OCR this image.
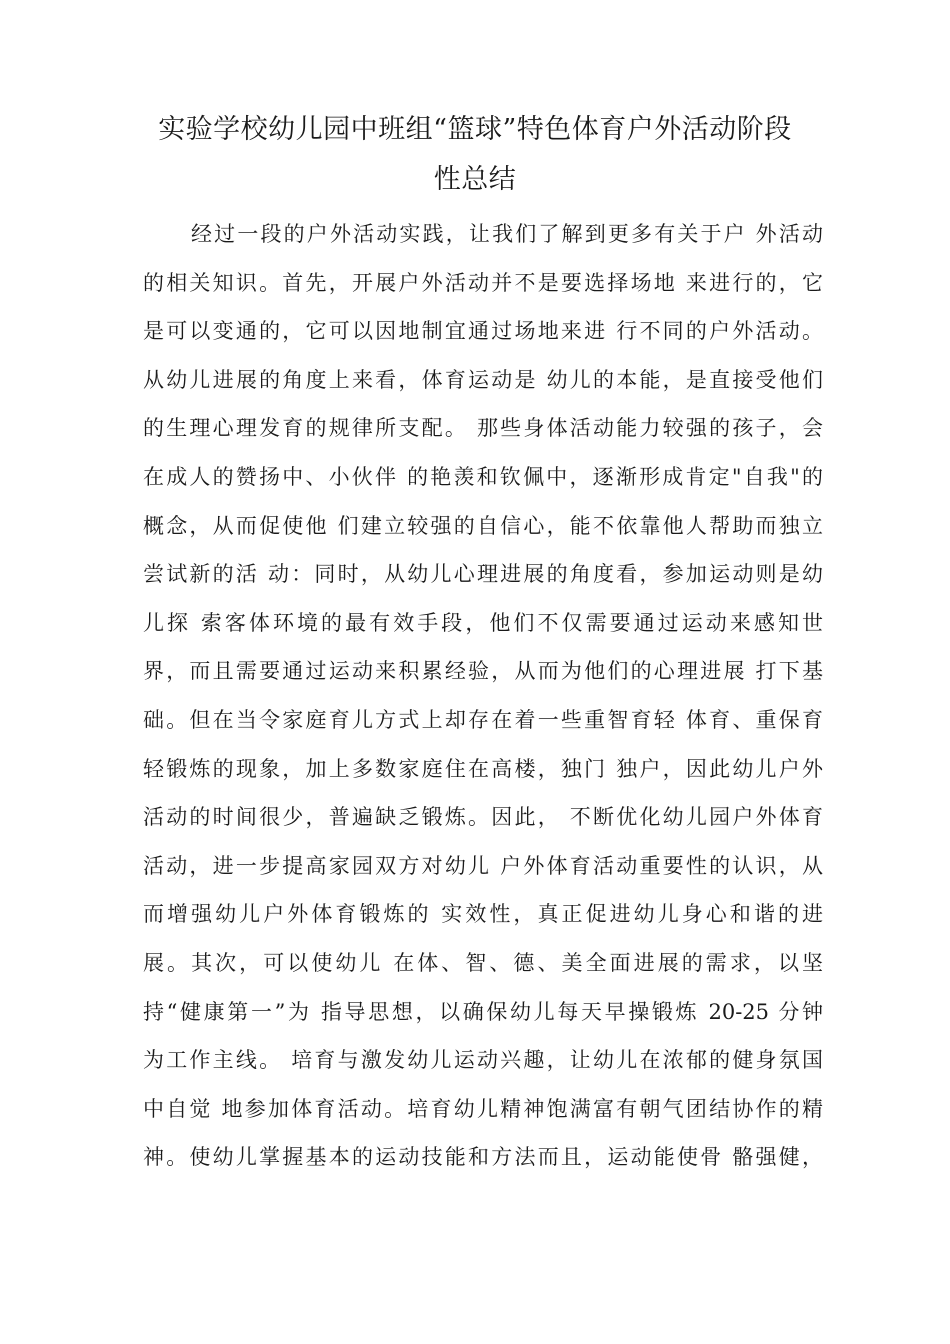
实验学校幼儿园中班组“篮球”特色体育户外活动阶段
性总结
经过一段的户外活动实践，让我们了解到更多有关于户 外活动
的相关知识。首先，开展户外活动并不是要选择场地 来进行的，它
是可以变通的，它可以因地制宜通过场地来进 行不同的户外活动。
从幼儿进展的角度上来看，体育运动是 幼儿的本能，是直接受他们
的生理心理发育的规律所支配。 那些身体活动能力较强的孩子，会
在成人的赞扬中、小伙伴 的艳羡和钦佩中，逐渐形成肯定"自我"的
概念，从而促使他 们建立较强的自信心，能不依靠他人帮助而独立
尝试新的活 动：同时，从幼儿心理进展的角度看，参加运动则是幼
儿探 索客体环境的最有效手段，他们不仅需要通过运动来感知世
界，而且需要通过运动来积累经验，从而为他们的心理进展 打下基
础。但在当令家庭育儿方式上却存在着一些重智育轻 体育、重保育
轻锻炼的现象，加上多数家庭住在高楼，独门 独户，因此幼儿户外
活动的时间很少，普遍缺乏锻炼。因此， 不断优化幼儿园户外体育
活动，进一步提高家园双方对幼儿 户外体育活动重要性的认识，从
而增强幼儿户外体育锻炼的 实效性，真正促进幼儿身心和谐的进
展。其次，可以使幼儿 在体、智、德、美全面进展的需求，以坚
持“健康第一”为 指导思想，以确保幼儿每天早操锻炼 20-25 分钟
为工作主线。 培育与激发幼儿运动兴趣，让幼儿在浓郁的健身氛国
中自觉 地参加体育活动。培育幼儿精神饱满富有朝气团结协作的精
神。使幼儿掌握基本的运动技能和方法而且，运动能使骨 骼强健，
